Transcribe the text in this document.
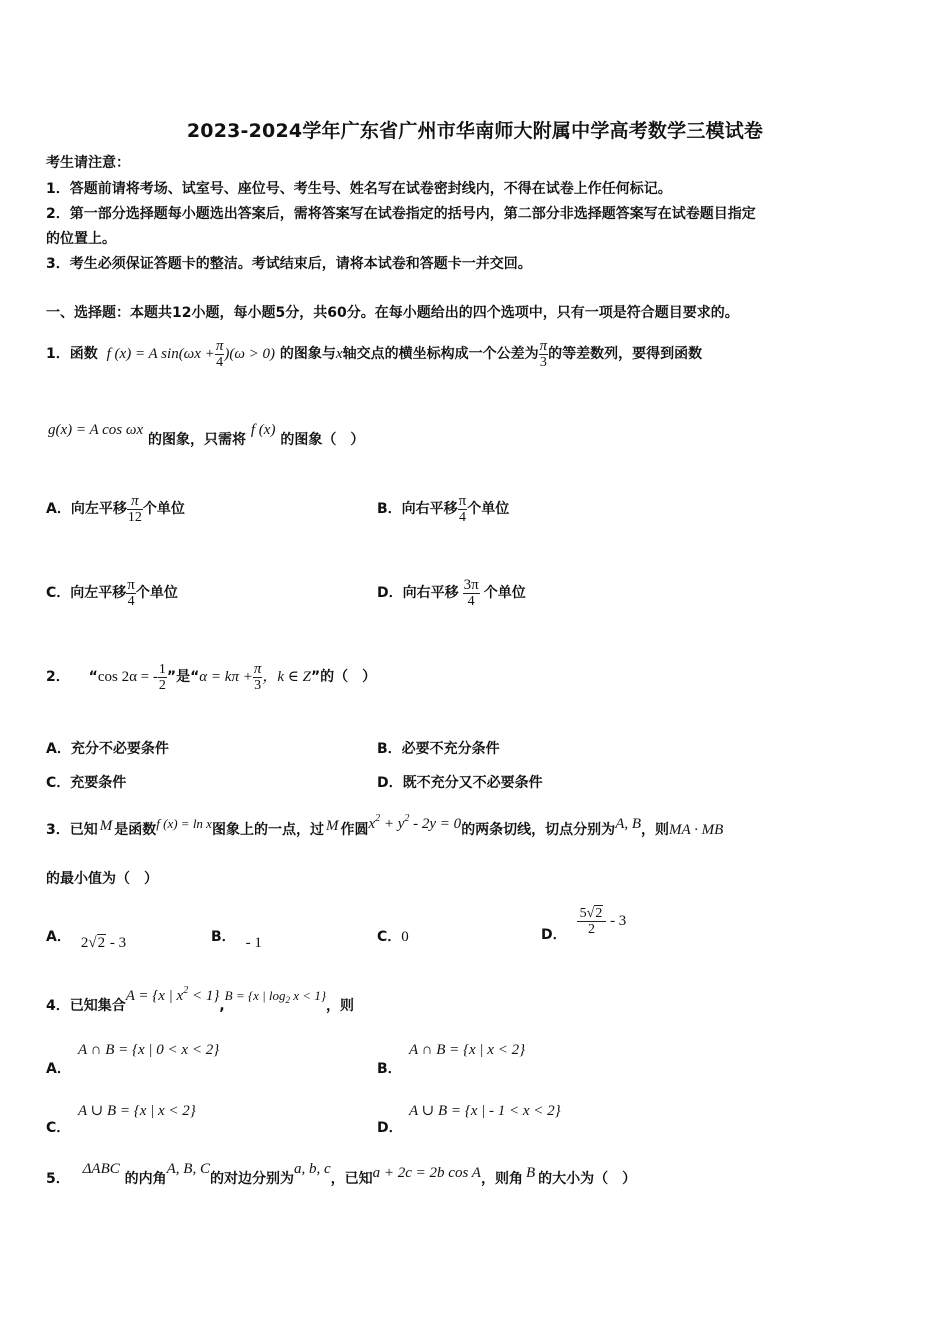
2023-2024学年广东省广州市华南师大附属中学高考数学三模试卷
考生请注意：
1．答题前请将考场、试室号、座位号、考生号、姓名写在试卷密封线内，不得在试卷上作任何标记。
2．第一部分选择题每小题选出答案后，需将答案写在试卷指定的括号内，第二部分非选择题答案写在试卷题目指定
的位置上。
3．考生必须保证答题卡的整洁。考试结束后，请将本试卷和答题卡一并交回。
一、选择题：本题共12小题，每小题5分，共60分。在每小题给出的四个选项中，只有一项是符合题目要求的。
1．函数 f (x) = A $\sin(\omega x + \frac{\pi}{4} )(\omega > 0)$ 的图象与x轴交点的横坐标构成一个公差为 $\frac{\pi}{3}$ 的等差数列，要得到函数
g(x) = A cos ωx 的图象，只需将 f (x) 的图象（　）
A．向左平移 $\frac{\pi}{12}$ 个单位	B．向右平移 $\frac{\pi}{4}$ 个单位
C．向左平移 $\frac{\pi}{4}$ 个单位	D．向右平移 $\frac{3\pi}{4}$ 个单位
2． “cos 2α = - $\frac{1}{2}$ ”是“$\alpha = k\pi + \frac{\pi}{3}$ ，k ∈ Z”的（　）
A．充分不必要条件	B．必要不充分条件
C．充要条件	D．既不充分又不必要条件
3．已知 M 是函数f (x) = ln x图象上的一点，过 M 作圆$x^2 + y^2 - 2y = 0$的两条切线，切点分别为A, B，则MA · MB
的最小值为（　）
A． 2√2 - 3	B． - 1	C．0	D． $\frac{5√2}{2} - 3$
4．已知集合A = {x | $x^2 < 1\},B = \{x$ | $\log_2 x < 1$}，则
A．
A ∩ B = {x | 0 < x < 2}
B．
A ∩ B = {x | x < 2}
C．
A ∪ B = {x | x < 2}
D．
A ∪ B = {x | - 1 < x < 2}
5． ΔABC 的内角A, B, C的对边分别为a, b, c，已知a + 2c = 2b cos A，则角 B 的大小为（　）
